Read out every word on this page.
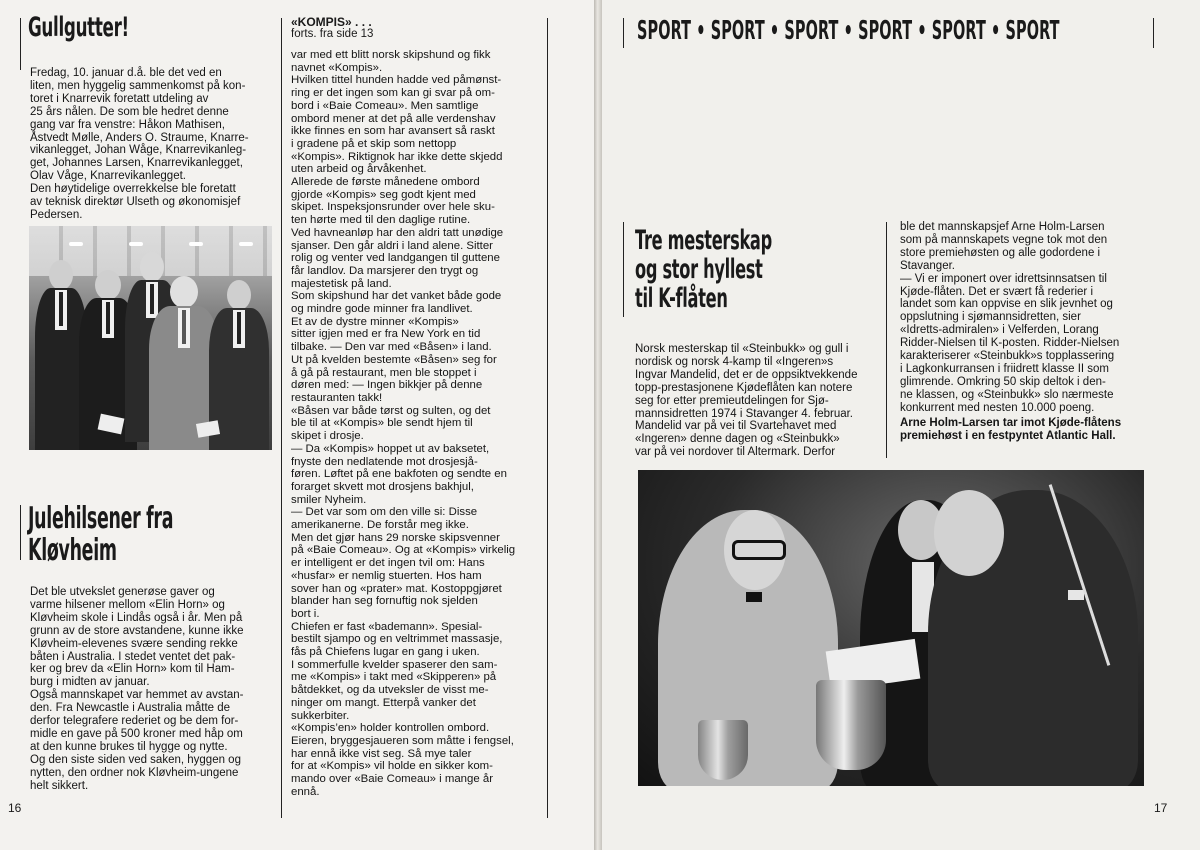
Gullgutter!
Fredag, 10. januar d.å. ble det ved en
liten, men hyggelig sammenkomst på kon-
toret i Knarrevik foretatt utdeling av
25 års nålen. De som ble hedret denne
gang var fra venstre: Håkon Mathisen,
Åstvedt Mølle, Anders O. Straume, Knarre-
vikanlegget, Johan Wåge, Knarrevikanleg-
get, Johannes Larsen, Knarrevikanlegget,
Olav Våge, Knarrevikanlegget.
Den høytidelige overrekkelse ble foretatt
av teknisk direktør Ulseth og økonomisjef
Pedersen.
Julehilsener fra
Kløvheim
Det ble utvekslet generøse gaver og
varme hilsener mellom «Elin Horn» og
Kløvheim skole i Lindås også i år. Men på
grunn av de store avstandene, kunne ikke
Kløvheim-elevenes svære sending rekke
båten i Australia. I stedet ventet det pak-
ker og brev da «Elin Horn» kom til Ham-
burg i midten av januar.
Også mannskapet var hemmet av avstan-
den. Fra Newcastle i Australia måtte de
derfor telegrafere rederiet og be dem for-
midle en gave på 500 kroner med håp om
at den kunne brukes til hygge og nytte.
Og den siste siden ved saken, hyggen og
nytten, den ordner nok Kløvheim-ungene
helt sikkert.
«KOMPIS» . . .
forts. fra side 13
var med ett blitt norsk skipshund og fikk
navnet «Kompis».
Hvilken tittel hunden hadde ved påmønst-
ring er det ingen som kan gi svar på om-
bord i «Baie Comeau». Men samtlige
ombord mener at det på alle verdenshav
ikke finnes en som har avansert så raskt
i gradene på et skip som nettopp
«Kompis». Riktignok har ikke dette skjedd
uten arbeid og årvåkenhet.
Allerede de første månedene ombord
gjorde «Kompis» seg godt kjent med
skipet. Inspeksjonsrunder over hele sku-
ten hørte med til den daglige rutine.
Ved havneanløp har den aldri tatt unødige
sjanser. Den går aldri i land alene. Sitter
rolig og venter ved landgangen til guttene
får landlov. Da marsjerer den trygt og
majestetisk på land.
Som skipshund har det vanket både gode
og mindre gode minner fra landlivet.
Et av de dystre minner «Kompis»
sitter igjen med er fra New York en tid
tilbake. — Den var med «Båsen» i land.
Ut på kvelden bestemte «Båsen» seg for
å gå på restaurant, men ble stoppet i
døren med: — Ingen bikkjer på denne
restauranten takk!
«Båsen var både tørst og sulten, og det
ble til at «Kompis» ble sendt hjem til
skipet i drosje.
— Da «Kompis» hoppet ut av baksetet,
fnyste den nedlatende mot drosjesjå-
føren. Løftet på ene bakfoten og sendte en
forarget skvett mot drosjens bakhjul,
smiler Nyheim.
— Det var som om den ville si: Disse
amerikanerne. De forstår meg ikke.
Men det gjør hans 29 norske skipsvenner
på «Baie Comeau». Og at «Kompis» virkelig
er intelligent er det ingen tvil om: Hans
«husfar» er nemlig stuerten. Hos ham
sover han og «prater» mat. Kostoppgjøret
blander han seg fornuftig nok sjelden
bort i.
Chiefen er fast «bademann». Spesial-
bestilt sjampo og en veltrimmet massasje,
fås på Chiefens lugar en gang i uken.
I sommerfulle kvelder spaserer den sam-
me «Kompis» i takt med «Skipperen» på
båtdekket, og da utveksler de visst me-
ninger om mangt. Etterpå vanker det
sukkerbiter.
«Kompis’en» holder kontrollen ombord.
Eieren, bryggesjaueren som måtte i fengsel,
har ennå ikke vist seg. Så mye taler
for at «Kompis» vil holde en sikker kom-
mando over «Baie Comeau» i mange år
ennå.
16
SPORT • SPORT • SPORT • SPORT • SPORT • SPORT
Tre mesterskap
og stor hyllest
til K-flåten
Norsk mesterskap til «Steinbukk» og gull i
nordisk og norsk 4-kamp til «Ingeren»s
Ingvar Mandelid, det er de oppsiktvekkende
topp-prestasjonene Kjødeflåten kan notere
seg for etter premieutdelingen for Sjø-
mannsidretten 1974 i Stavanger 4. februar.
Mandelid var på vei til Svartehavet med
«Ingeren» denne dagen og «Steinbukk»
var på vei nordover til Altermark. Derfor
ble det mannskapsjef Arne Holm-Larsen
som på mannskapets vegne tok mot den
store premiehøsten og alle godordene i
Stavanger.
— Vi er imponert over idrettsinnsatsen til
Kjøde-flåten. Det er svært få rederier i
landet som kan oppvise en slik jevnhet og
oppslutning i sjømannsidretten, sier
«Idretts-admiralen» i Velferden, Lorang
Ridder-Nielsen til K-posten. Ridder-Nielsen
karakteriserer «Steinbukk»s topplassering
i Lagkonkurransen i friidrett klasse II som
glimrende. Omkring 50 skip deltok i den-
ne klassen, og «Steinbukk» slo nærmeste
konkurrent med nesten 10.000 poeng.
Arne Holm-Larsen tar imot Kjøde-flåtens
premiehøst i en festpyntet Atlantic Hall.
17
